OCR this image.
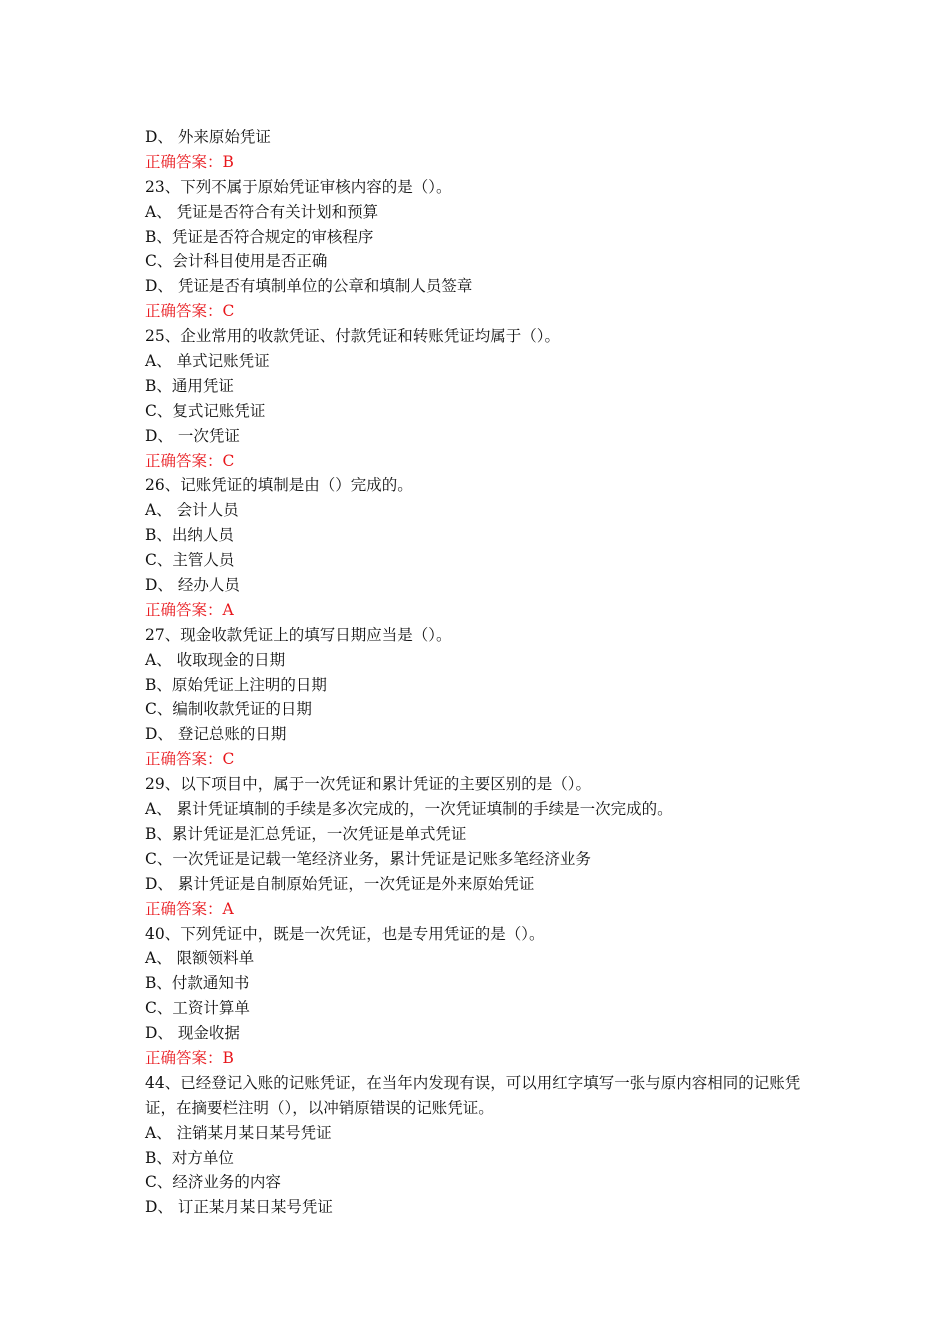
D、 外来原始凭证
正确答案：B
23、下列不属于原始凭证审核内容的是（）。
A、 凭证是否符合有关计划和预算
B、凭证是否符合规定的审核程序
C、会计科目使用是否正确
D、 凭证是否有填制单位的公章和填制人员签章
正确答案：C
25、企业常用的收款凭证、付款凭证和转账凭证均属于（）。
A、 单式记账凭证
B、通用凭证
C、复式记账凭证
D、 一次凭证
正确答案：C
26、记账凭证的填制是由（）完成的。
A、 会计人员
B、出纳人员
C、主管人员
D、 经办人员
正确答案：A
27、现金收款凭证上的填写日期应当是（）。
A、 收取现金的日期
B、原始凭证上注明的日期
C、编制收款凭证的日期
D、 登记总账的日期
正确答案：C
29、以下项目中，属于一次凭证和累计凭证的主要区别的是（）。
A、 累计凭证填制的手续是多次完成的，一次凭证填制的手续是一次完成的。
B、累计凭证是汇总凭证，一次凭证是单式凭证
C、一次凭证是记载一笔经济业务，累计凭证是记账多笔经济业务
D、 累计凭证是自制原始凭证，一次凭证是外来原始凭证
正确答案：A
40、下列凭证中，既是一次凭证，也是专用凭证的是（）。
A、 限额领料单
B、付款通知书
C、工资计算单
D、 现金收据
正确答案：B
44、已经登记入账的记账凭证，在当年内发现有误，可以用红字填写一张与原内容相同的记账凭证，在摘要栏注明（），以冲销原错误的记账凭证。
A、 注销某月某日某号凭证
B、对方单位
C、经济业务的内容
D、 订正某月某日某号凭证
